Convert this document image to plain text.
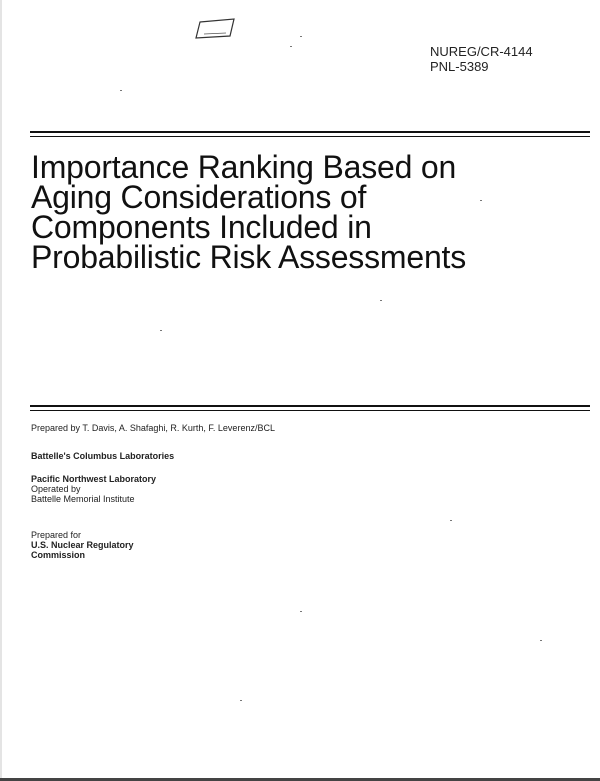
NUREG/CR-4144
PNL-5389
Importance Ranking Based on
Aging Considerations of
Components Included in
Probabilistic Risk Assessments
Prepared by T. Davis, A. Shafaghi, R. Kurth, F. Leverenz/BCL
Battelle's Columbus Laboratories
Pacific Northwest Laboratory
Operated by
Battelle Memorial Institute
Prepared for
U.S. Nuclear Regulatory
Commission
